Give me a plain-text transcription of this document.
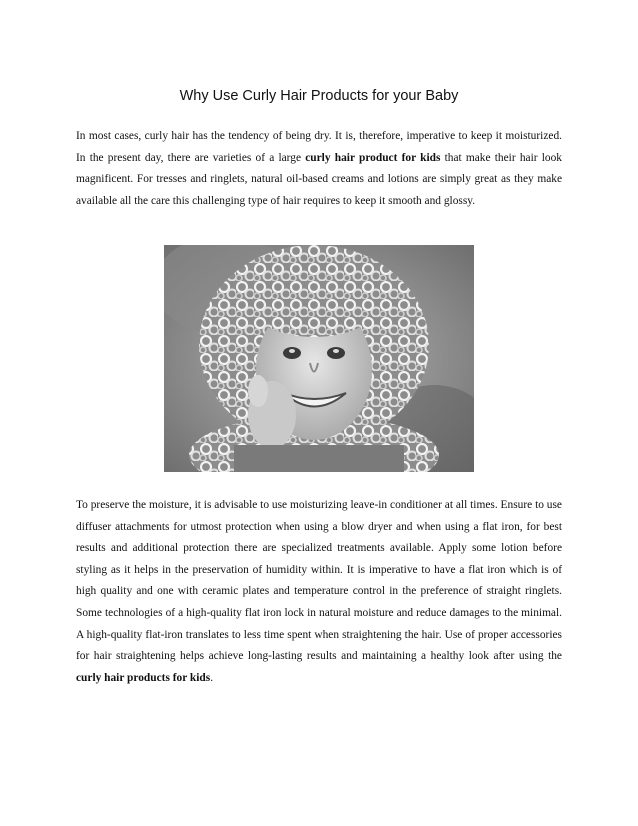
Why Use Curly Hair Products for your Baby

In most cases, curly hair has the tendency of being dry. It is, therefore, imperative to keep it moisturized. In the present day, there are varieties of a large curly hair product for kids that make their hair look magnificent. For tresses and ringlets, natural oil-based creams and lotions are simply great as they make available all the care this challenging type of hair requires to keep it smooth and glossy.

To preserve the moisture, it is advisable to use moisturizing leave-in conditioner at all times. Ensure to use diffuser attachments for utmost protection when using a blow dryer and when using a flat iron, for best results and additional protection there are specialized treatments available. Apply some lotion before styling as it helps in the preservation of humidity within. It is imperative to have a flat iron which is of high quality and one with ceramic plates and temperature control in the preference of straight ringlets. Some technologies of a high-quality flat iron lock in natural moisture and reduce damages to the minimal. A high-quality flat-iron translates to less time spent when straightening the hair. Use of proper accessories for hair straightening helps achieve long-lasting results and maintaining a healthy look after using the curly hair products for kids.
